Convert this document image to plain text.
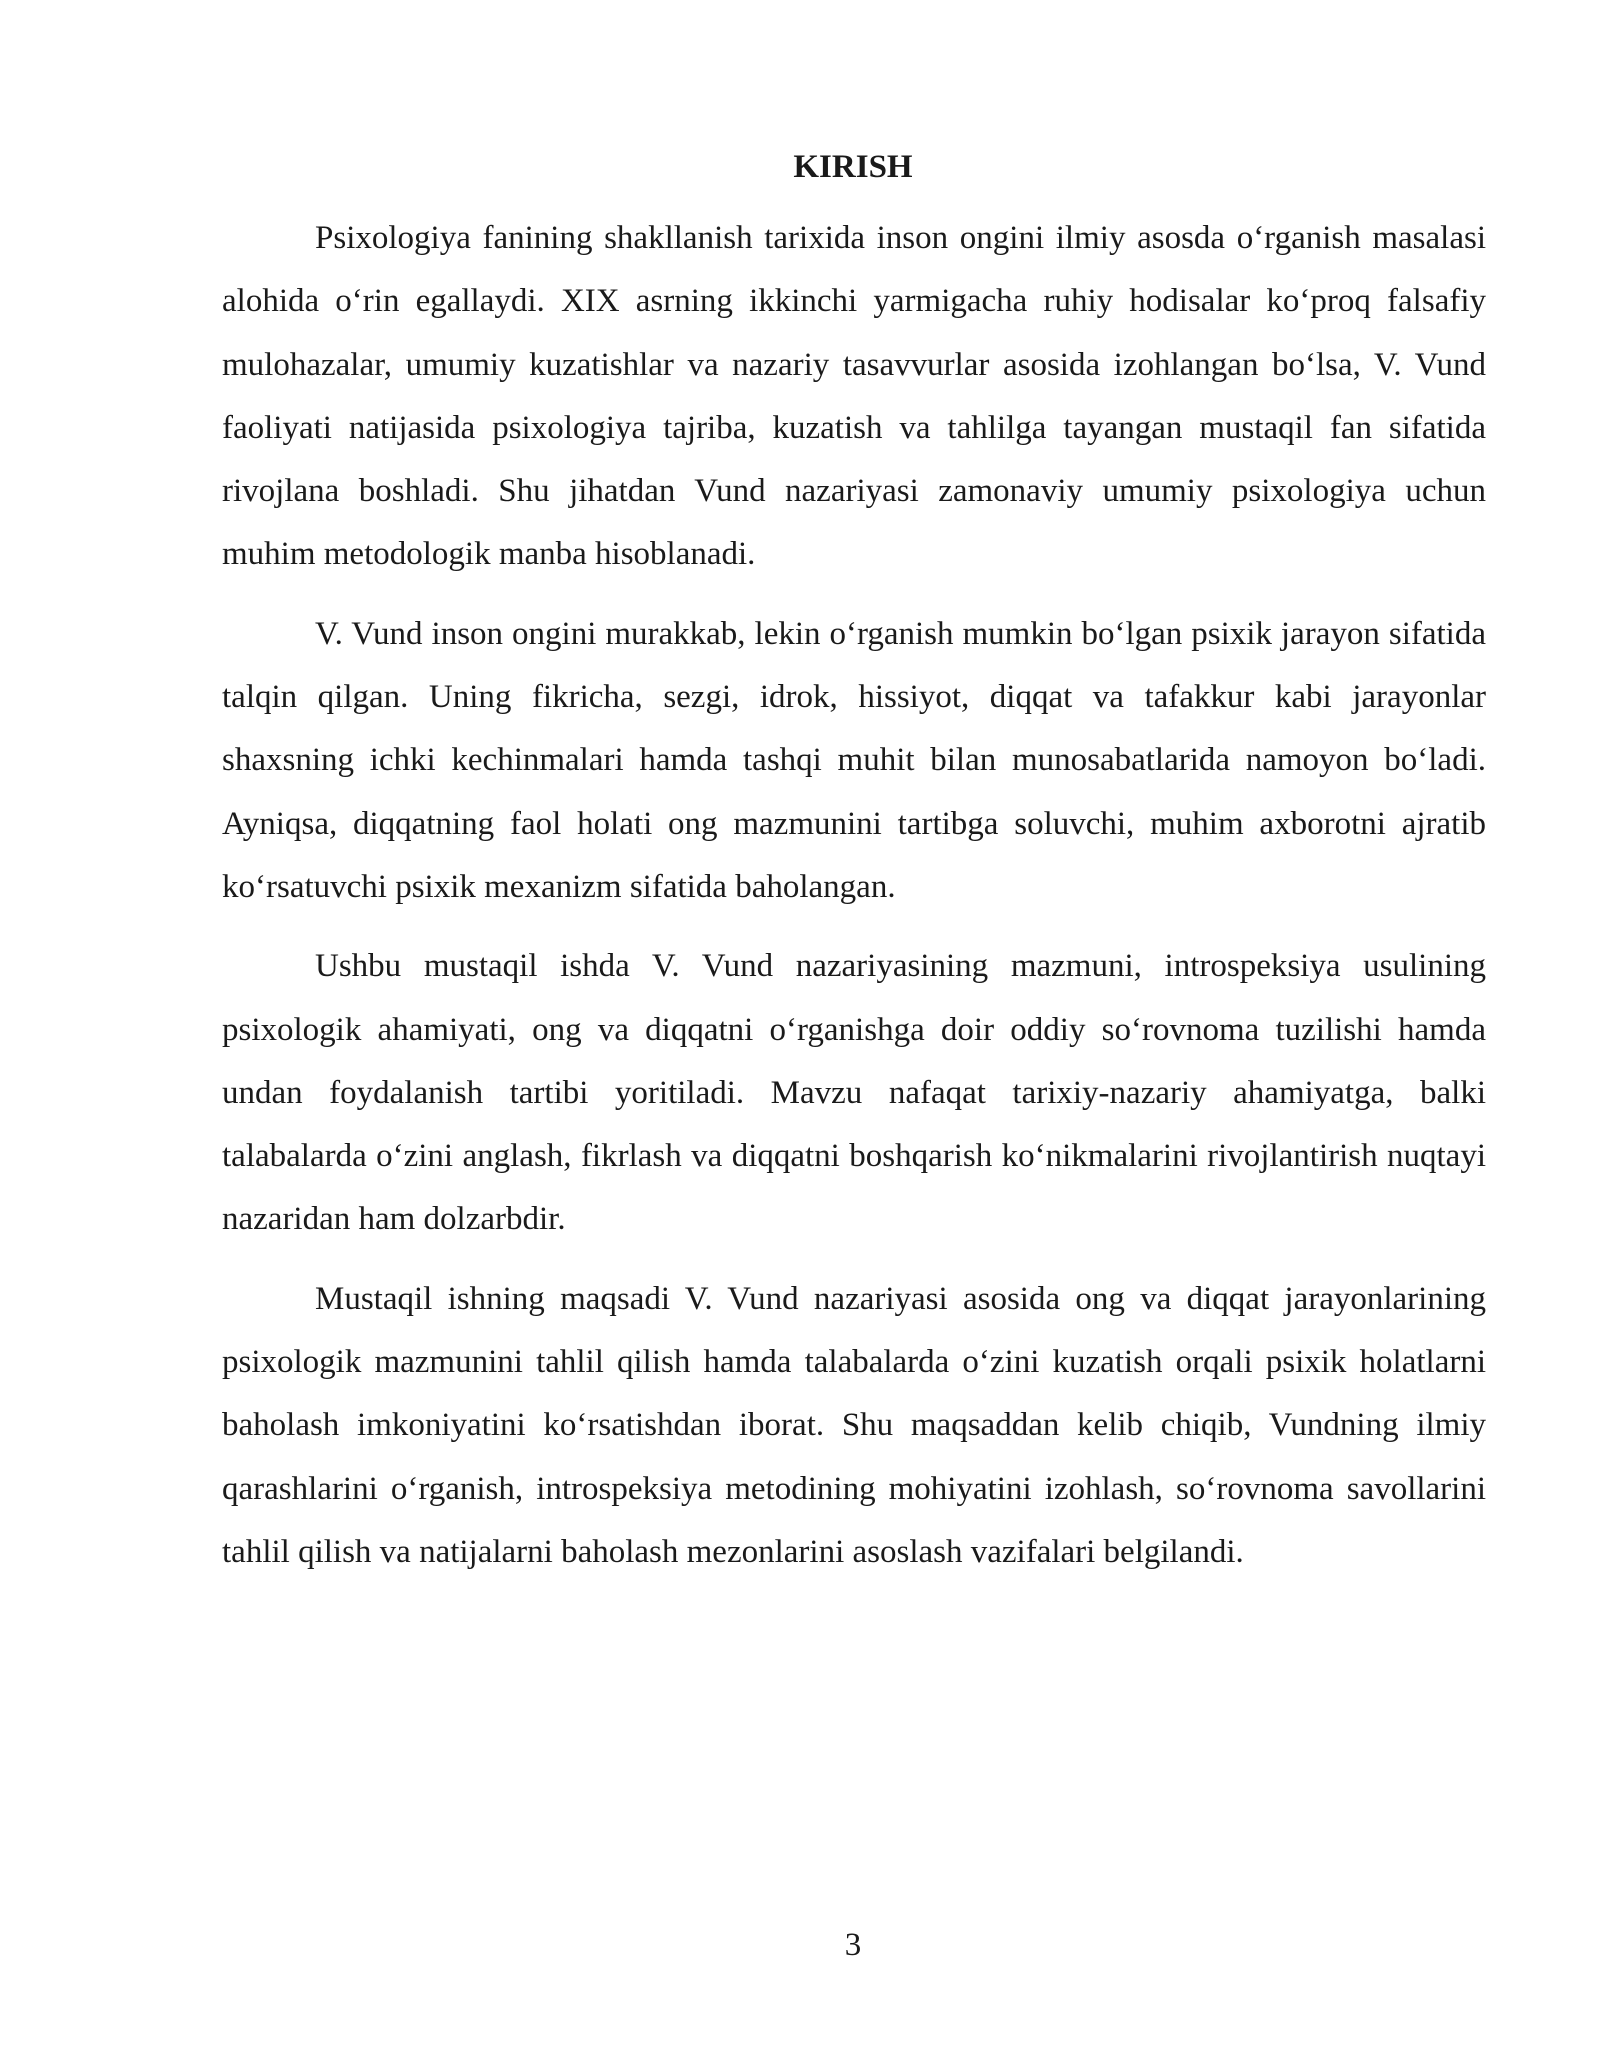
KIRISH

Psixologiya fanining shakllanish tarixida inson ongini ilmiy asosda o‘rganish masalasi alohida o‘rin egallaydi. XIX asrning ikkinchi yarmigacha ruhiy hodisalar ko‘proq falsafiy mulohazalar, umumiy kuzatishlar va nazariy tasavvurlar asosida izohlangan bo‘lsa, V. Vund faoliyati natijasida psixologiya tajriba, kuzatish va tahlilga tayangan mustaqil fan sifatida rivojlana boshladi. Shu jihatdan Vund nazariyasi zamonaviy umumiy psixologiya uchun muhim metodologik manba hisoblanadi.

V. Vund inson ongini murakkab, lekin o‘rganish mumkin bo‘lgan psixik jarayon sifatida talqin qilgan. Uning fikricha, sezgi, idrok, hissiyot, diqqat va tafakkur kabi jarayonlar shaxsning ichki kechinmalari hamda tashqi muhit bilan munosabatlarida namoyon bo‘ladi. Ayniqsa, diqqatning faol holati ong mazmunini tartibga soluvchi, muhim axborotni ajratib ko‘rsatuvchi psixik mexanizm sifatida baholangan.

Ushbu mustaqil ishda V. Vund nazariyasining mazmuni, introspeksiya usulining psixologik ahamiyati, ong va diqqatni o‘rganishga doir oddiy so‘rovnoma tuzilishi hamda undan foydalanish tartibi yoritiladi. Mavzu nafaqat tarixiy-nazariy ahamiyatga, balki talabalarda o‘zini anglash, fikrlash va diqqatni boshqarish ko‘nikmalarini rivojlantirish nuqtayi nazaridan ham dolzarbdir.

Mustaqil ishning maqsadi V. Vund nazariyasi asosida ong va diqqat jarayonlarining psixologik mazmunini tahlil qilish hamda talabalarda o‘zini kuzatish orqali psixik holatlarni baholash imkoniyatini ko‘rsatishdan iborat. Shu maqsaddan kelib chiqib, Vundning ilmiy qarashlarini o‘rganish, introspeksiya metodining mohiyatini izohlash, so‘rovnoma savollarini tahlil qilish va natijalarni baholash mezonlarini asoslash vazifalari belgilandi.

3
